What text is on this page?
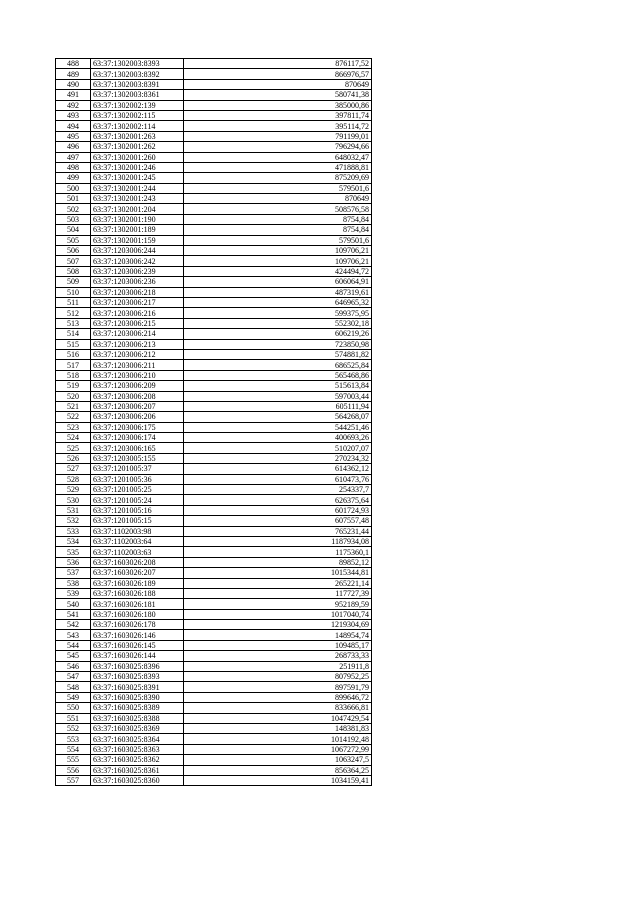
488	63:37:1302003:8393	876117,52
489	63:37:1302003:8392	866976,57
490	63:37:1302003:8391	870649
491	63:37:1302003:8361	580741,38
492	63:37:1302002:139	385000,86
493	63:37:1302002:115	397811,74
494	63:37:1302002:114	395114,72
495	63:37:1302001:263	791199,01
496	63:37:1302001:262	796294,66
497	63:37:1302001:260	648032,47
498	63:37:1302001:246	471888,81
499	63:37:1302001:245	875209,69
500	63:37:1302001:244	579501,6
501	63:37:1302001:243	870649
502	63:37:1302001:204	508576,58
503	63:37:1302001:190	8754,84
504	63:37:1302001:189	8754,84
505	63:37:1302001:159	579501,6
506	63:37:1203006:244	109706,21
507	63:37:1203006:242	109706,21
508	63:37:1203006:239	424494,72
509	63:37:1203006:236	606064,91
510	63:37:1203006:218	487319,61
511	63:37:1203006:217	646965,32
512	63:37:1203006:216	599375,95
513	63:37:1203006:215	552302,18
514	63:37:1203006:214	606219,26
515	63:37:1203006:213	723850,98
516	63:37:1203006:212	574881,82
517	63:37:1203006:211	686525,84
518	63:37:1203006:210	565468,86
519	63:37:1203006:209	515613,84
520	63:37:1203006:208	597003,44
521	63:37:1203006:207	605111,94
522	63:37:1203006:206	564268,07
523	63:37:1203006:175	544251,46
524	63:37:1203006:174	400693,26
525	63:37:1203006:165	510207,07
526	63:37:1203005:155	270234,32
527	63:37:1201005:37	614362,12
528	63:37:1201005:36	610473,76
529	63:37:1201005:25	254337,7
530	63:37:1201005:24	626375,64
531	63:37:1201005:16	601724,93
532	63:37:1201005:15	607557,48
533	63:37:1102003:98	765231,44
534	63:37:1102003:64	1187934,08
535	63:37:1102003:63	1175360,1
536	63:37:1603026:208	89852,12
537	63:37:1603026:207	1015344,81
538	63:37:1603026:189	265221,14
539	63:37:1603026:188	117727,39
540	63:37:1603026:181	952189,59
541	63:37:1603026:180	1017040,74
542	63:37:1603026:178	1219304,69
543	63:37:1603026:146	148954,74
544	63:37:1603026:145	109485,17
545	63:37:1603026:144	268733,33
546	63:37:1603025:8396	251911,8
547	63:37:1603025:8393	807952,25
548	63:37:1603025:8391	897591,79
549	63:37:1603025:8390	899646,72
550	63:37:1603025:8389	833666,81
551	63:37:1603025:8388	1047429,54
552	63:37:1603025:8369	148381,83
553	63:37:1603025:8364	1014192,48
554	63:37:1603025:8363	1067272,99
555	63:37:1603025:8362	1063247,5
556	63:37:1603025:8361	856364,25
557	63:37:1603025:8360	1034159,41
